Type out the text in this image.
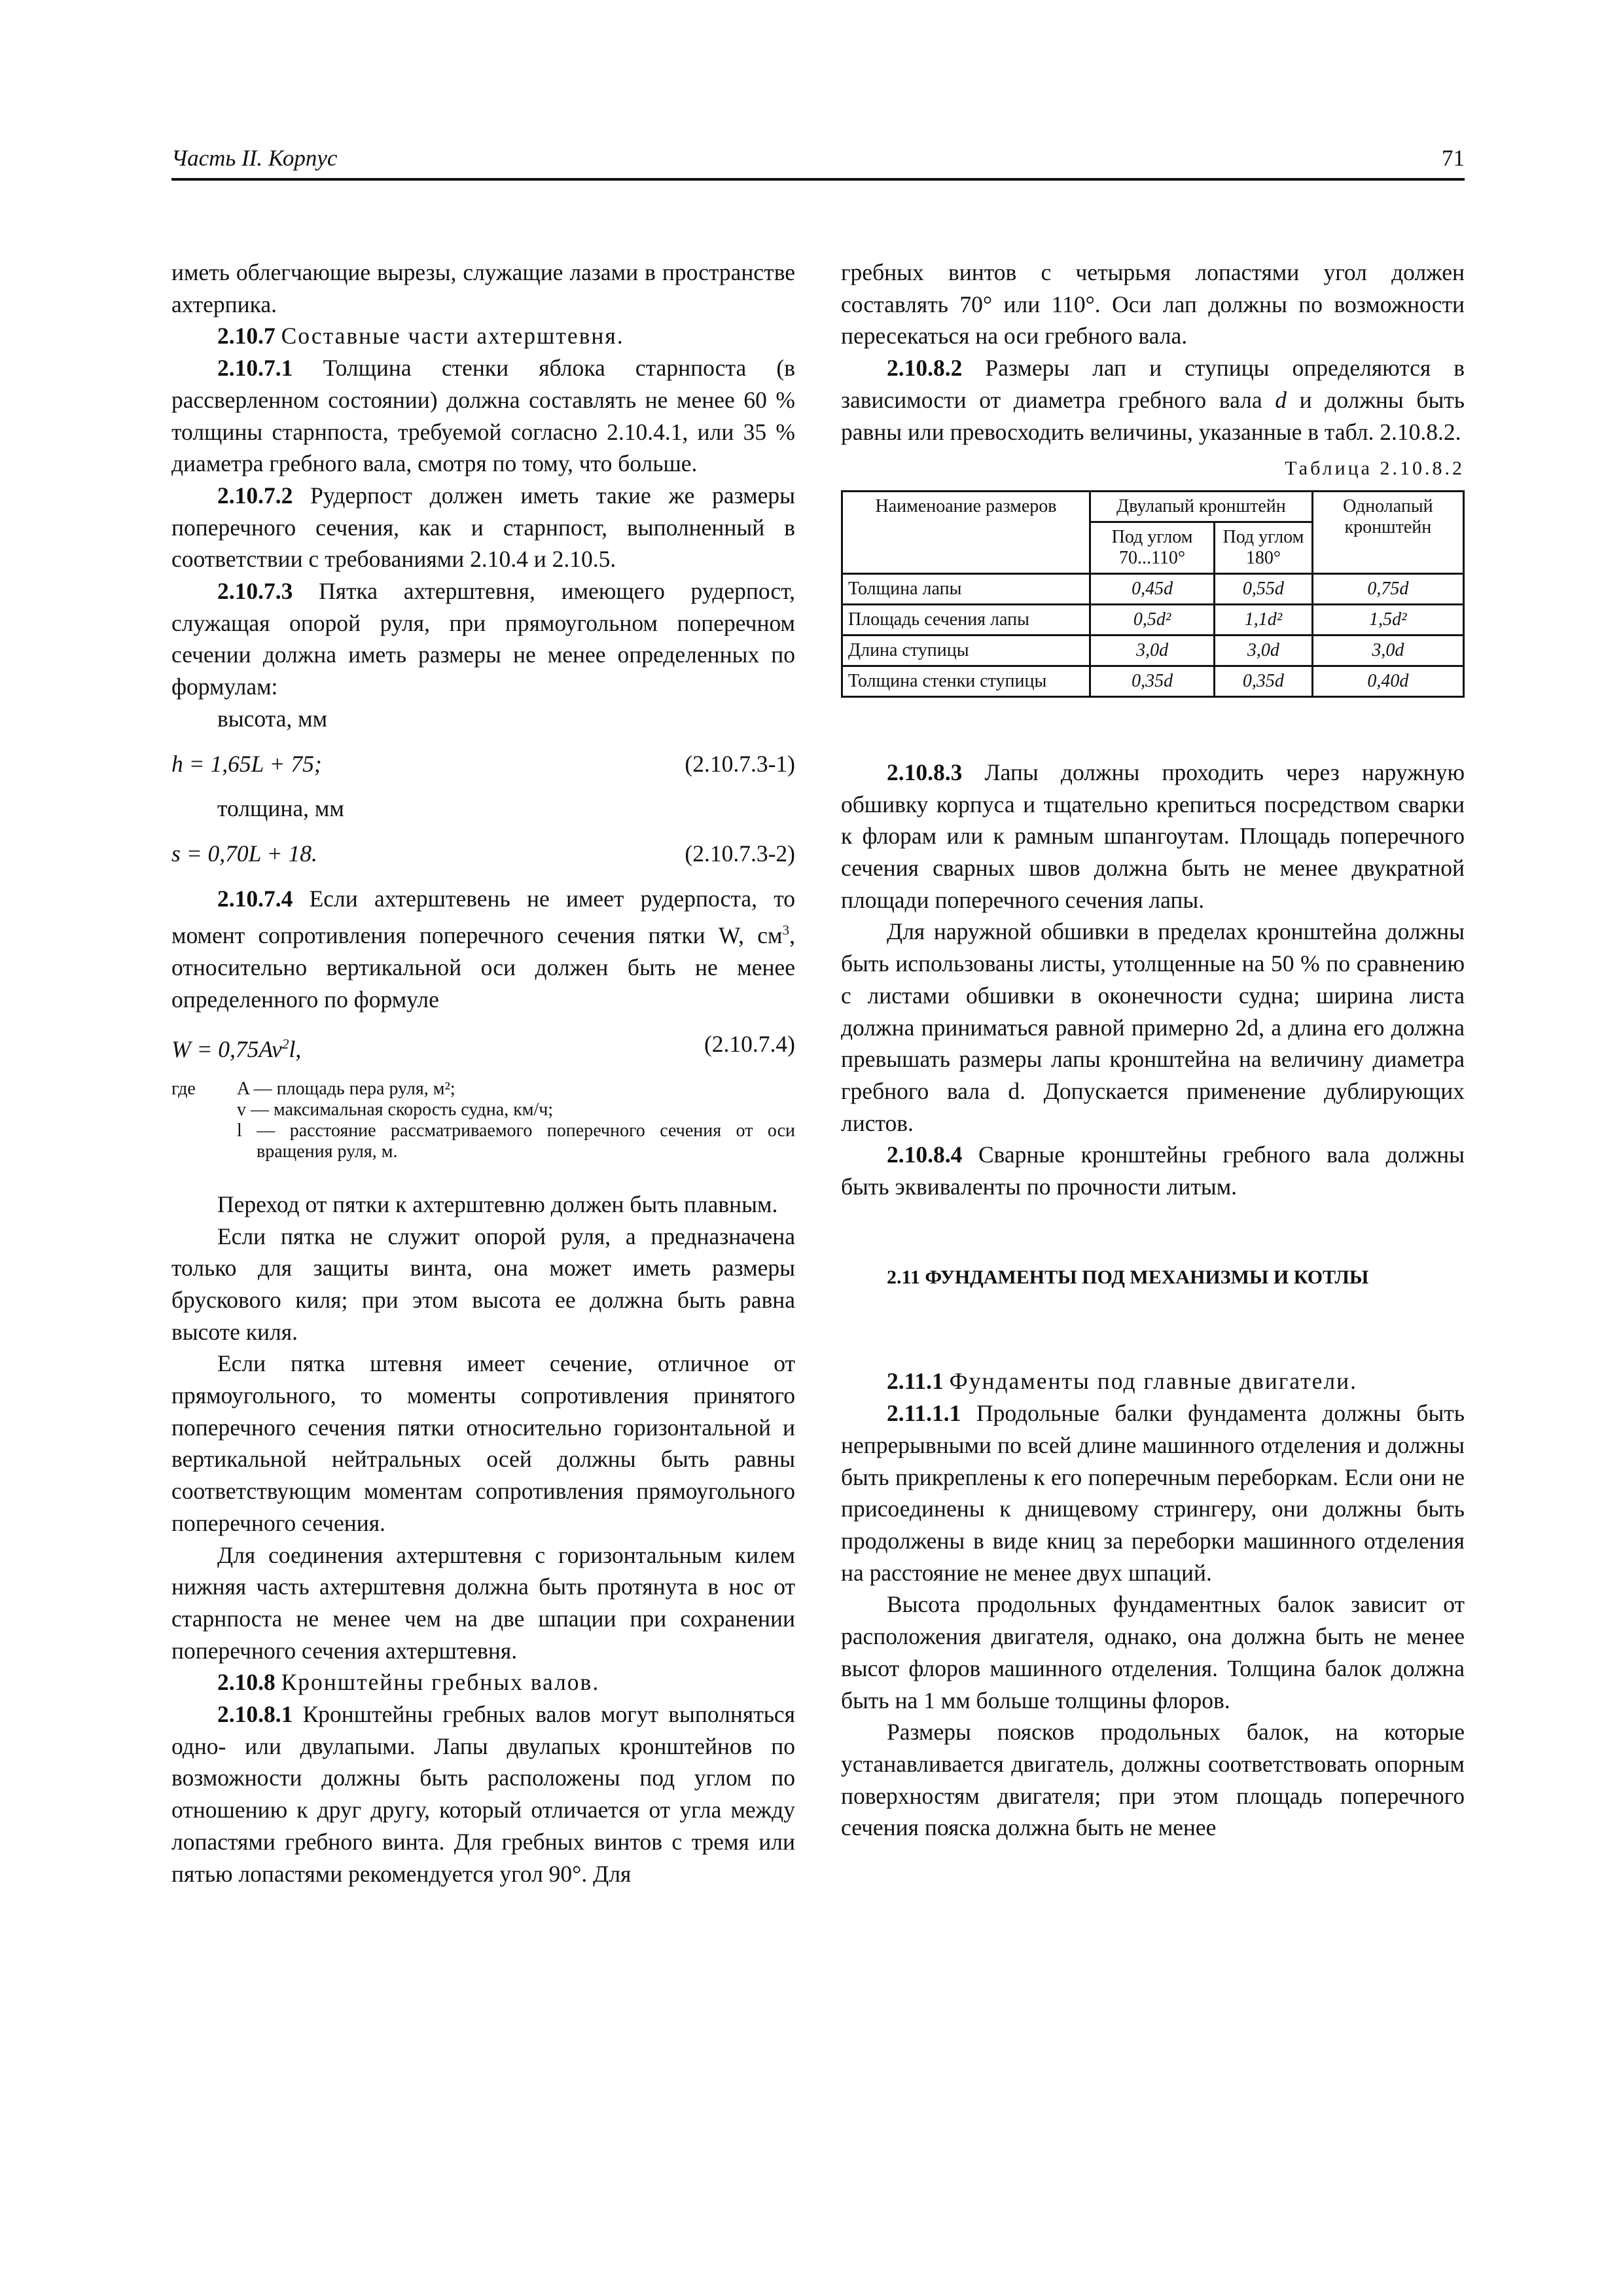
Часть II. Корпус	71

иметь облегчающие вырезы, служащие лазами в пространстве ахтерпика.

2.10.7 Составные части ахтерштевня.

2.10.7.1 Толщина стенки яблока старнпоста (в рассверленном состоянии) должна составлять не менее 60 % толщины старнпоста, требуемой согласно 2.10.4.1, или 35 % диаметра гребного вала, смотря по тому, что больше.

2.10.7.2 Рудерпост должен иметь такие же размеры поперечного сечения, как и старнпост, выполненный в соответствии с требованиями 2.10.4 и 2.10.5.

2.10.7.3 Пятка ахтерштевня, имеющего рудерпост, служащая опорой руля, при прямоугольном поперечном сечении должна иметь размеры не менее определенных по формулам:

высота, мм

h = 1,65L + 75;	(2.10.7.3-1)

толщина, мм

s = 0,70L + 18.	(2.10.7.3-2)

2.10.7.4 Если ахтерштевень не имеет рудерпоста, то момент сопротивления поперечного сечения пятки W, $см^3$, относительно вертикальной оси должен быть не менее определенного по формуле

$W = 0,75Av^2l$,	(2.10.7.4)
где	A — площадь пера руля, м²;
v — максимальная скорость судна, км/ч;
l — расстояние рассматриваемого поперечного сечения от оси вращения руля, м.

Переход от пятки к ахтерштевню должен быть плавным.

Если пятка не служит опорой руля, а предназначена только для защиты винта, она может иметь размеры брускового киля; при этом высота ее должна быть равна высоте киля.

Если пятка штевня имеет сечение, отличное от прямоугольного, то моменты сопротивления принятого поперечного сечения пятки относительно горизонтальной и вертикальной нейтральных осей должны быть равны соответствующим моментам сопротивления прямоугольного поперечного сечения.

Для соединения ахтерштевня с горизонтальным килем нижняя часть ахтерштевня должна быть протянута в нос от старнпоста не менее чем на две шпации при сохранении поперечного сечения ахтерштевня.

2.10.8 Кронштейны гребных валов.

2.10.8.1 Кронштейны гребных валов могут выполняться одно- или двулапыми. Лапы двулапых кронштейнов по возможности должны быть расположены под углом по отношению к друг другу, который отличается от угла между лопастями гребного винта. Для гребных винтов с тремя или пятью лопастями рекомендуется угол 90°. Для

гребных винтов с четырьмя лопастями угол должен составлять 70° или 110°. Оси лап должны по возможности пересекаться на оси гребного вала.

2.10.8.2 Размеры лап и ступицы определяются в зависимости от диаметра гребного вала d и должны быть равны или превосходить величины, указанные в табл. 2.10.8.2.

Таблица 2.10.8.2
Наименоание размеров	Двулапый кронштейн		Однолапый кронштейн
	Под углом 70...110°	Под углом 180°	
Толщина лапы	0,45d	0,55d	0,75d
Площадь сечения лапы	0,5d²	1,1d²	1,5d²
Длина ступицы	3,0d	3,0d	3,0d
Толщина стенки ступицы	0,35d	0,35d	0,40d

2.10.8.3 Лапы должны проходить через наружную обшивку корпуса и тщательно крепиться посредством сварки к флорам или к рамным шпангоутам. Площадь поперечного сечения сварных швов должна быть не менее двукратной площади поперечного сечения лапы.

Для наружной обшивки в пределах кронштейна должны быть использованы листы, утолщенные на 50 % по сравнению с листами обшивки в оконечности судна; ширина листа должна приниматься равной примерно 2d, а длина его должна превышать размеры лапы кронштейна на величину диаметра гребного вала d. Допускается применение дублирующих листов.

2.10.8.4 Сварные кронштейны гребного вала должны быть эквиваленты по прочности литым.

2.11 ФУНДАМЕНТЫ ПОД МЕХАНИЗМЫ И КОТЛЫ

2.11.1 Фундаменты под главные двигатели.

2.11.1.1 Продольные балки фундамента должны быть непрерывными по всей длине машинного отделения и должны быть прикреплены к его поперечным переборкам. Если они не присоединены к днищевому стрингеру, они должны быть продолжены в виде книц за переборки машинного отделения на расстояние не менее двух шпаций.

Высота продольных фундаментных балок зависит от расположения двигателя, однако, она должна быть не менее высот флоров машинного отделения. Толщина балок должна быть на 1 мм больше толщины флоров.

Размеры поясков продольных балок, на которые устанавливается двигатель, должны соответствовать опорным поверхностям двигателя; при этом площадь поперечного сечения пояска должна быть не менее
